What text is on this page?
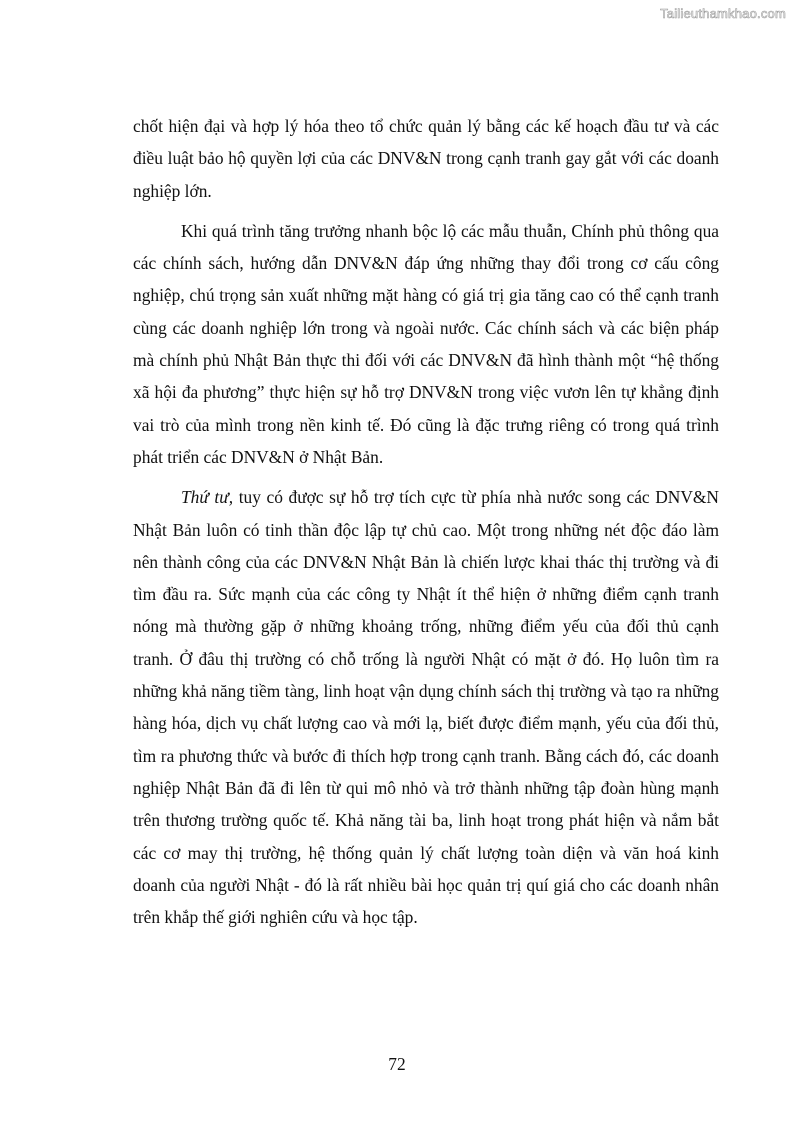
Tailieuthamkhao.com

chốt hiện đại và hợp lý hóa theo tổ chức quản lý bằng các kế hoạch đầu tư và các điều luật bảo hộ quyền lợi của các DNV&N trong cạnh tranh gay gắt với các doanh nghiệp lớn.

Khi quá trình tăng trưởng nhanh bộc lộ các mẫu thuẫn, Chính phủ thông qua các chính sách, hướng dẫn DNV&N đáp ứng những thay đổi trong cơ cấu công nghiệp, chú trọng sản xuất những mặt hàng có giá trị gia tăng cao có thể cạnh tranh cùng các doanh nghiệp lớn trong và ngoài nước. Các chính sách và các biện pháp mà chính phủ Nhật Bản thực thi đối với các DNV&N đã hình thành một “hệ thống xã hội đa phương” thực hiện sự hỗ trợ DNV&N trong việc vươn lên tự khẳng định vai trò của mình trong nền kinh tế. Đó cũng là đặc trưng riêng có trong quá trình phát triển các DNV&N ở Nhật Bản.

Thứ tư, tuy có được sự hỗ trợ tích cực từ phía nhà nước song các DNV&N Nhật Bản luôn có tinh thần độc lập tự chủ cao. Một trong những nét độc đáo làm nên thành công của các DNV&N Nhật Bản là chiến lược khai thác thị trường và đi tìm đầu ra. Sức mạnh của các công ty Nhật ít thể hiện ở những điểm cạnh tranh nóng mà thường gặp ở những khoảng trống, những điểm yếu của đối thủ cạnh tranh. Ở đâu thị trường có chỗ trống là người Nhật có mặt ở đó. Họ luôn tìm ra những khả năng tiềm tàng, linh hoạt vận dụng chính sách thị trường và tạo ra những hàng hóa, dịch vụ chất lượng cao và mới lạ, biết được điểm mạnh, yếu của đối thủ, tìm ra phương thức và bước đi thích hợp trong cạnh tranh. Bằng cách đó, các doanh nghiệp Nhật Bản đã đi lên từ qui mô nhỏ và trở thành những tập đoàn hùng mạnh trên thương trường quốc tế. Khả năng tài ba, linh hoạt trong phát hiện và nắm bắt các cơ may thị trường, hệ thống quản lý chất lượng toàn diện và văn hoá kinh doanh của người Nhật - đó là rất nhiều bài học quản trị quí giá cho các doanh nhân trên khắp thế giới nghiên cứu và học tập.

72
